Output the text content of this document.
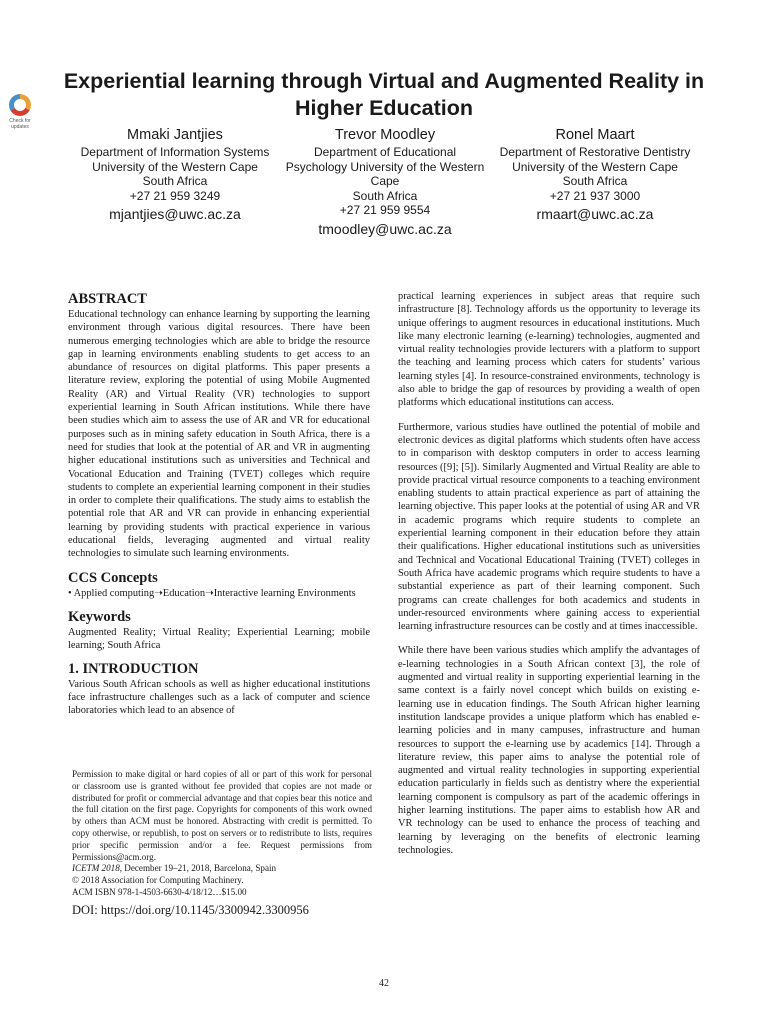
Check for
updates
Experiential learning through Virtual and Augmented Reality in Higher Education
Mmaki Jantjies
Department of Information Systems
University of the Western Cape
South Africa
+27 21 959 3249
mjantjies@uwc.ac.za
Trevor Moodley
Department of Educational
Psychology University of the Western
Cape
South Africa
+27 21 959 9554
tmoodley@uwc.ac.za
Ronel Maart
Department of Restorative Dentistry
University of the Western Cape
South Africa
+27 21 937 3000
rmaart@uwc.ac.za
ABSTRACT

Educational technology can enhance learning by supporting the learning environment through various digital resources. There have been numerous emerging technologies which are able to bridge the resource gap in learning environments enabling students to get access to an abundance of resources on digital platforms. This paper presents a literature review, exploring the potential of using Mobile Augmented Reality (AR) and Virtual Reality (VR) technologies to support experiential learning in South African institutions. While there have been studies which aim to assess the use of AR and VR for educational purposes such as in mining safety education in South Africa, there is a need for studies that look at the potential of AR and VR in augmenting higher educational institutions such as universities and Technical and Vocational Education and Training (TVET) colleges which require students to complete an experiential learning component in their studies in order to complete their qualifications. The study aims to establish the potential role that AR and VR can provide in enhancing experiential learning by providing students with practical experience in various educational fields, leveraging augmented and virtual reality technologies to simulate such learning environments.

CCS Concepts

• Applied computing➝Education➝Interactive learning Environments

Keywords

Augmented Reality; Virtual Reality; Experiential Learning; mobile learning; South Africa

1. INTRODUCTION

Various South African schools as well as higher educational institutions face infrastructure challenges such as a lack of computer and science laboratories which lead to an absence of

Permission to make digital or hard copies of all or part of this work for personal or classroom use is granted without fee provided that copies are not made or distributed for profit or commercial advantage and that copies bear this notice and the full citation on the first page. Copyrights for components of this work owned by others than ACM must be honored. Abstracting with credit is permitted. To copy otherwise, or republish, to post on servers or to redistribute to lists, requires prior specific permission and/or a fee. Request permissions from Permissions@acm.org.

ICETM 2018, December 19–21, 2018, Barcelona, Spain

© 2018 Association for Computing Machinery.

ACM ISBN 978-1-4503-6630-4/18/12…$15.00

DOI: https://doi.org/10.1145/3300942.3300956

practical learning experiences in subject areas that require such infrastructure [8]. Technology affords us the opportunity to leverage its unique offerings to augment resources in educational institutions. Much like many electronic learning (e-learning) technologies, augmented and virtual reality technologies provide lecturers with a platform to support the teaching and learning process which caters for students’ various learning styles [4]. In resource-constrained environments, technology is also able to bridge the gap of resources by providing a wealth of open platforms which educational institutions can access.

Furthermore, various studies have outlined the potential of mobile and electronic devices as digital platforms which students often have access to in comparison with desktop computers in order to access learning resources ([9]; [5]). Similarly Augmented and Virtual Reality are able to provide practical virtual resource components to a teaching environment enabling students to attain practical experience as part of attaining the learning objective. This paper looks at the potential of using AR and VR in academic programs which require students to complete an experiential learning component in their education before they attain their qualifications. Higher educational institutions such as universities and Technical and Vocational Educational Training (TVET) colleges in South Africa have academic programs which require students to have a substantial experience as part of their learning component. Such programs can create challenges for both academics and students in under-resourced environments where gaining access to experiential learning infrastructure resources can be costly and at times inaccessible.

While there have been various studies which amplify the advantages of e-learning technologies in a South African context [3], the role of augmented and virtual reality in supporting experiential learning in the same context is a fairly novel concept which builds on existing e-learning use in education findings. The South African higher learning institution landscape provides a unique platform which has enabled e-learning policies and in many campuses, infrastructure and human resources to support the e-learning use by academics [14]. Through a literature review, this paper aims to analyse the potential role of augmented and virtual reality technologies in supporting experiential education particularly in fields such as dentistry where the experiential learning component is compulsory as part of the academic offerings in higher learning institutions. The paper aims to establish how AR and VR technology can be used to enhance the process of teaching and learning by leveraging on the benefits of electronic learning technologies.

42
